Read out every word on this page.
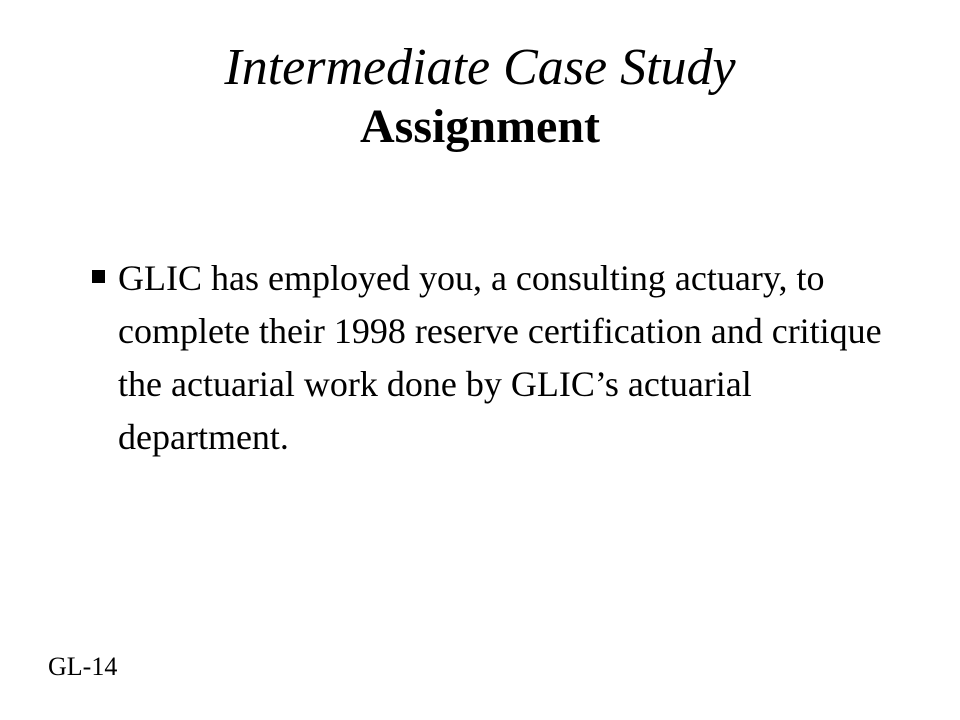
Intermediate Case Study
Assignment
GLIC has employed you, a consulting actuary, to complete their 1998 reserve certification and critique the actuarial work done by GLIC’s actuarial department.
GL-14
